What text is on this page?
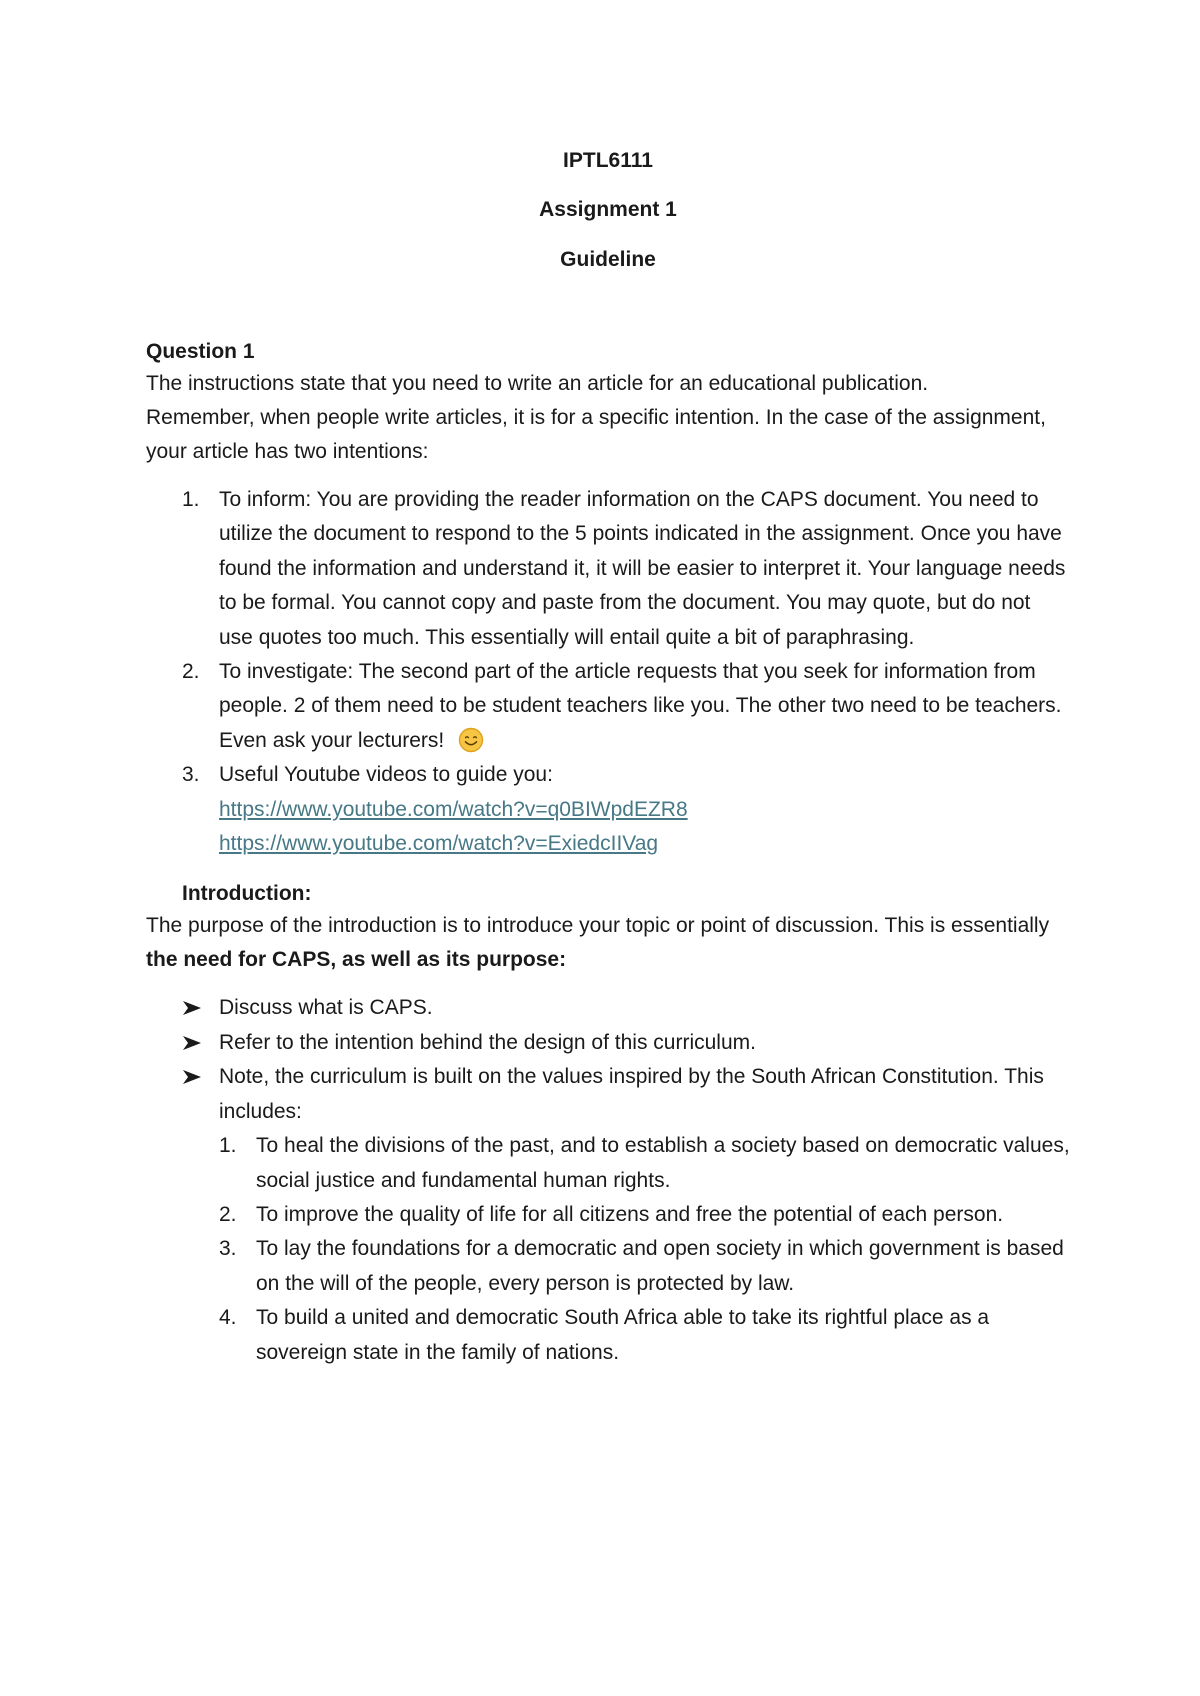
IPTL6111

Assignment 1

Guideline

Question 1

The instructions state that you need to write an article for an educational publication.

Remember, when people write articles, it is for a specific intention. In the case of the assignment, your article has two intentions:

1. To inform: You are providing the reader information on the CAPS document. You need to utilize the document to respond to the 5 points indicated in the assignment. Once you have found the information and understand it, it will be easier to interpret it. Your language needs to be formal. You cannot copy and paste from the document. You may quote, but do not use quotes too much. This essentially will entail quite a bit of paraphrasing.
2. To investigate: The second part of the article requests that you seek for information from people. 2 of them need to be student teachers like you. The other two need to be teachers. Even ask your lecturers!
3. Useful Youtube videos to guide you:
https://www.youtube.com/watch?v=q0BIWpdEZR8
https://www.youtube.com/watch?v=ExiedcIIVag

Introduction:

The purpose of the introduction is to introduce your topic or point of discussion. This is essentially the need for CAPS, as well as its purpose:

Discuss what is CAPS.
Refer to the intention behind the design of this curriculum.
Note, the curriculum is built on the values inspired by the South African Constitution. This includes:
1. To heal the divisions of the past, and to establish a society based on democratic values, social justice and fundamental human rights.
2. To improve the quality of life for all citizens and free the potential of each person.
3. To lay the foundations for a democratic and open society in which government is based on the will of the people, every person is protected by law.
4. To build a united and democratic South Africa able to take its rightful place as a sovereign state in the family of nations.
